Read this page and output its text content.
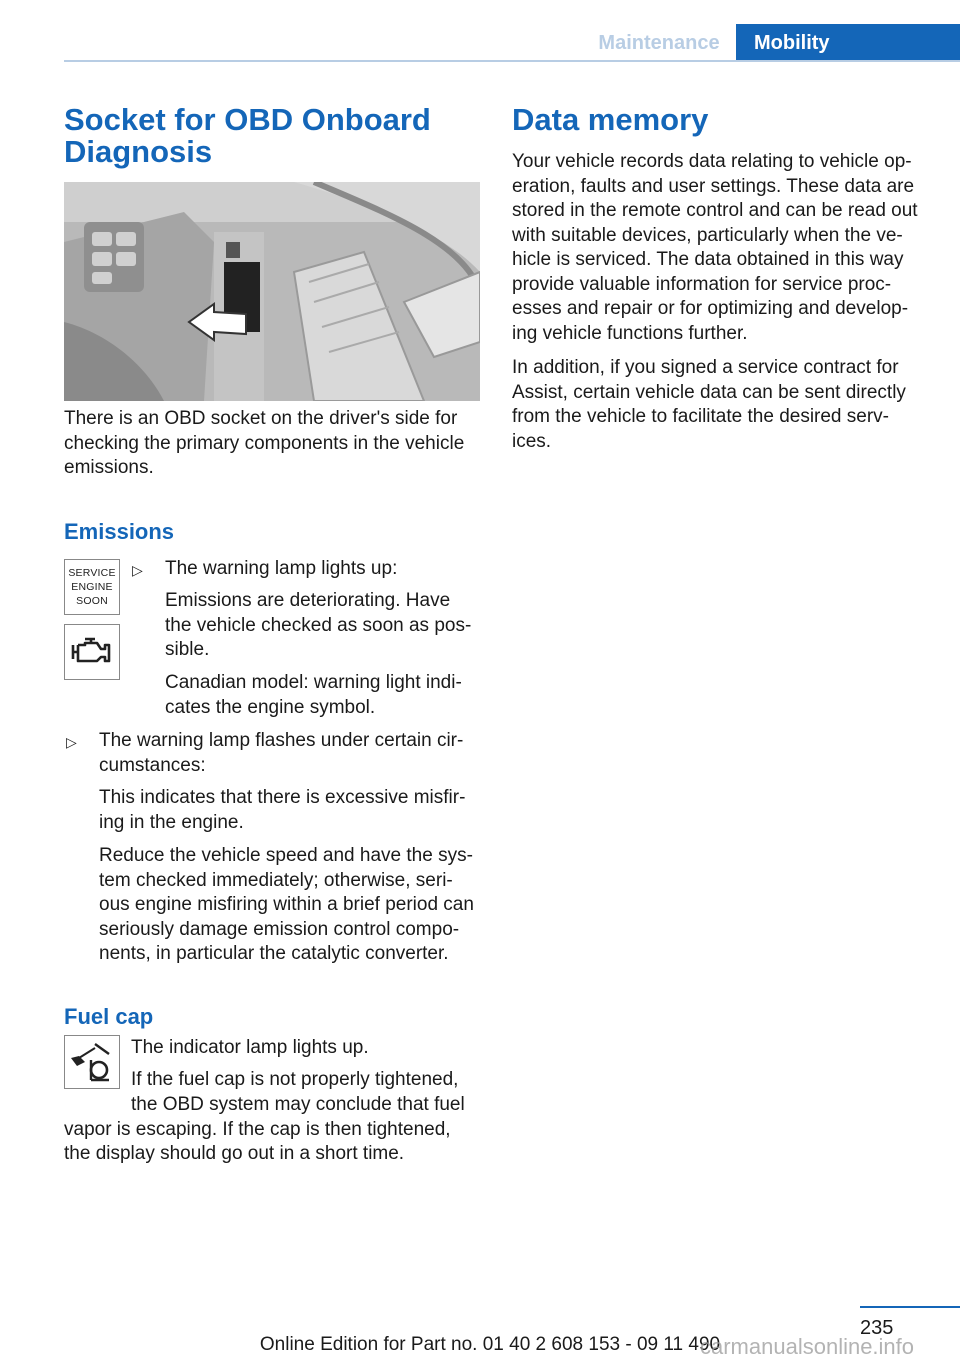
Maintenance	Mobility
Socket for OBD Onboard
Diagnosis

There is an OBD socket on the driver's side for
checking the primary components in the vehicle
emissions.

Emissions
SERVICE
ENGINE
SOON
▷ The warning lamp lights up:

Emissions are deteriorating. Have
the vehicle checked as soon as pos-
sible.

Canadian model: warning light indi-
cates the engine symbol.

▷ The warning lamp flashes under certain cir-
cumstances:

This indicates that there is excessive misfir-
ing in the engine.

Reduce the vehicle speed and have the sys-
tem checked immediately; otherwise, seri-
ous engine misfiring within a brief period can
seriously damage emission control compo-
nents, in particular the catalytic converter.

Fuel cap

The indicator lamp lights up.

If the fuel cap is not properly tightened,

the OBD system may conclude that fuel

vapor is escaping. If the cap is then tightened,

the display should go out in a short time.

Data memory

Your vehicle records data relating to vehicle op-
eration, faults and user settings. These data are
stored in the remote control and can be read out
with suitable devices, particularly when the ve-
hicle is serviced. The data obtained in this way
provide valuable information for service proc-
esses and repair or for optimizing and develop-
ing vehicle functions further.

In addition, if you signed a service contract for
Assist, certain vehicle data can be sent directly
from the vehicle to facilitate the desired serv-
ices.

235
Online Edition for Part no. 01 40 2 608 153 - 09 11 490
carmanualsonline.info
